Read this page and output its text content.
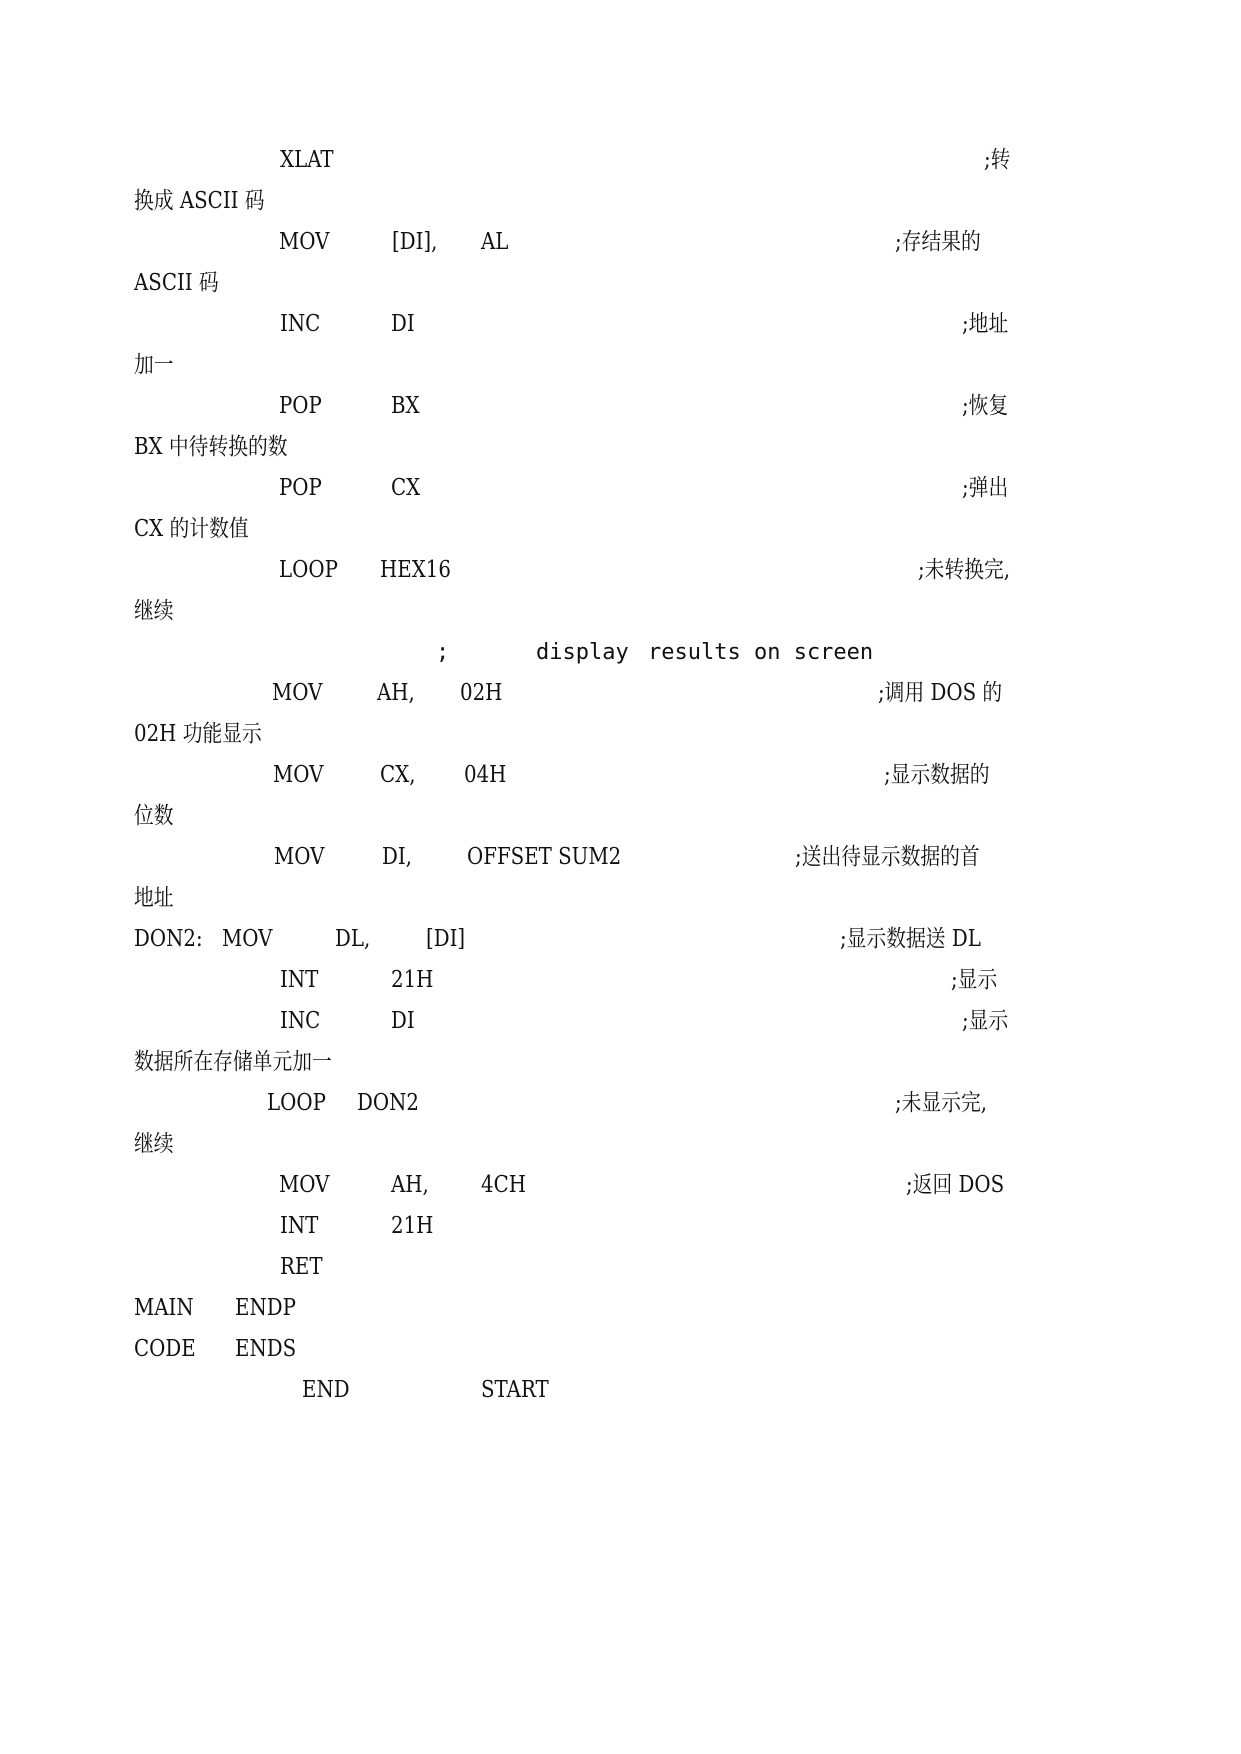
XLAT	;转
换成 ASCII 码
MOV	[DI], AL	;存结果的
ASCII 码
INC	DI	;地址
加一
POP	BX	;恢复
BX 中待转换的数
POP	CX	;弹出
CX 的计数值
LOOP HEX16	;未转换完,
继续
;	display results on screen
MOV AH, 02H	;调用 DOS 的
02H 功能显示
MOV CX, 04H	;显示数据的
位数
MOV	DI, OFFSET SUM2	;送出待显示数据的首
地址
DON2: MOV	DL, [DI]	;显示数据送 DL
INT	21H	;显示
INC	DI	;显示
数据所在存储单元加一
LOOP DON2	;未显示完,
继续
MOV	AH, 4CH	;返回 DOS
INT	21H
RET
MAIN ENDP
CODE ENDS
END	START
